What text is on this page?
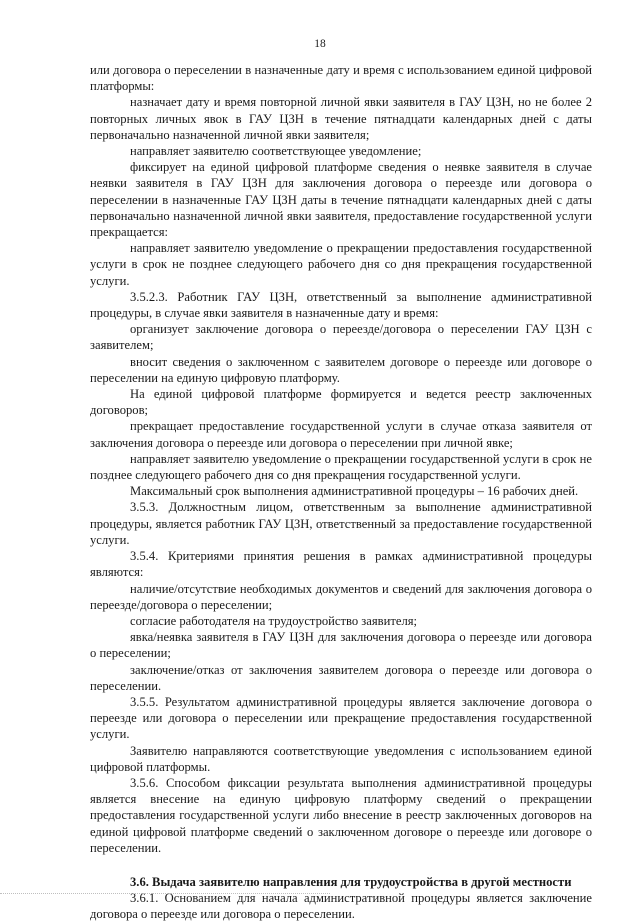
18

или договора о переселении в назначенные дату и время с использованием единой цифровой платформы:

назначает дату и время повторной личной явки заявителя в ГАУ ЦЗН, но не более 2 повторных личных явок в ГАУ ЦЗН в течение пятнадцати календарных дней с даты первоначально назначенной личной явки заявителя;

направляет заявителю соответствующее уведомление;

фиксирует на единой цифровой платформе сведения о неявке заявителя в случае неявки заявителя в ГАУ ЦЗН для заключения договора о переезде или договора о переселении в назначенные ГАУ ЦЗН даты в течение пятнадцати календарных дней с даты первоначально назначенной личной явки заявителя, предоставление государственной услуги прекращается:

направляет заявителю уведомление о прекращении предоставления государственной услуги в срок не позднее следующего рабочего дня со дня прекращения государственной услуги.

3.5.2.3. Работник ГАУ ЦЗН, ответственный за выполнение административной процедуры, в случае явки заявителя в назначенные дату и время:

организует заключение договора о переезде/договора о переселении ГАУ ЦЗН с заявителем;

вносит сведения о заключенном с заявителем договоре о переезде или договоре о переселении на единую цифровую платформу.

На единой цифровой платформе формируется и ведется реестр заключенных договоров;

прекращает предоставление государственной услуги в случае отказа заявителя от заключения договора о переезде или договора о переселении при личной явке;

направляет заявителю уведомление о прекращении государственной услуги в срок не позднее следующего рабочего дня со дня прекращения государственной услуги.

Максимальный срок выполнения административной процедуры – 16 рабочих дней.

3.5.3. Должностным лицом, ответственным за выполнение административной процедуры, является работник ГАУ ЦЗН, ответственный за предоставление государственной услуги.

3.5.4. Критериями принятия решения в рамках административной процедуры являются:

наличие/отсутствие необходимых документов и сведений для заключения договора о переезде/договора о переселении;

согласие работодателя на трудоустройство заявителя;

явка/неявка заявителя в ГАУ ЦЗН для заключения договора о переезде или договора о переселении;

заключение/отказ от заключения заявителем договора о переезде или договора о переселении.

3.5.5. Результатом административной процедуры является заключение договора о переезде или договора о переселении или прекращение предоставления государственной услуги.

Заявителю направляются соответствующие уведомления с использованием единой цифровой платформы.

3.5.6. Способом фиксации результата выполнения административной процедуры является внесение на единую цифровую платформу сведений о прекращении предоставления государственной услуги либо внесение в реестр заключенных договоров на единой цифровой платформе сведений о заключенном договоре о переезде или договоре о переселении.

3.6. Выдача заявителю направления для трудоустройства в другой местности

3.6.1. Основанием для начала административной процедуры является заключение договора о переезде или договора о переселении.
